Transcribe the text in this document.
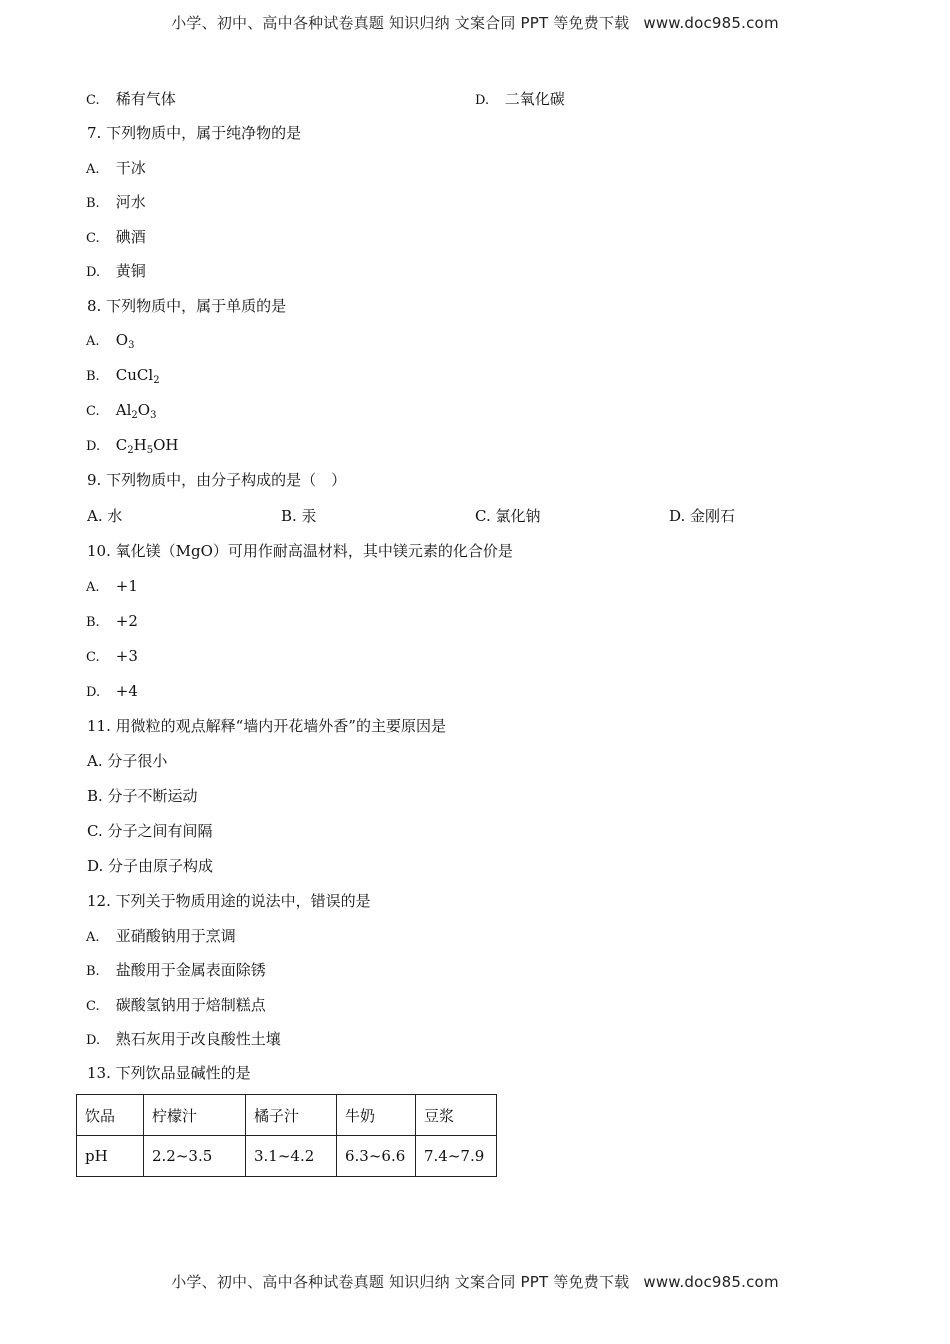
小学、初中、高中各种试卷真题 知识归纳 文案合同 PPT 等免费下载 www.doc985.com
C. 稀有气体	D. 二氧化碳
7. 下列物质中，属于纯净物的是
A. 干冰
B. 河水
C. 碘酒
D. 黄铜
8. 下列物质中，属于单质的是
A. $O_3$
B. CuCl$_2$
C. $Al_2O_3$
D. $C_2H_5OH$
9. 下列物质中，由分子构成的是（　）
A. 水	B. 汞	C. 氯化钠	D. 金刚石
10. 氧化镁（MgO）可用作耐高温材料，其中镁元素的化合价是
A. +1
B. +2
C. +3
D. +4
11. 用微粒的观点解释“墙内开花墙外香”的主要原因是
A. 分子很小
B. 分子不断运动
C. 分子之间有间隔
D. 分子由原子构成
12. 下列关于物质用途的说法中，错误的是
A. 亚硝酸钠用于烹调
B. 盐酸用于金属表面除锈
C. 碳酸氢钠用于焙制糕点
D. 熟石灰用于改良酸性土壤
13. 下列饮品显碱性的是
饮品	柠檬汁	橘子汁	牛奶	豆浆
pH	2.2~3.5	3.1~4.2	6.3~6.6	7.4~7.9
小学、初中、高中各种试卷真题 知识归纳 文案合同 PPT 等免费下载 www.doc985.com
